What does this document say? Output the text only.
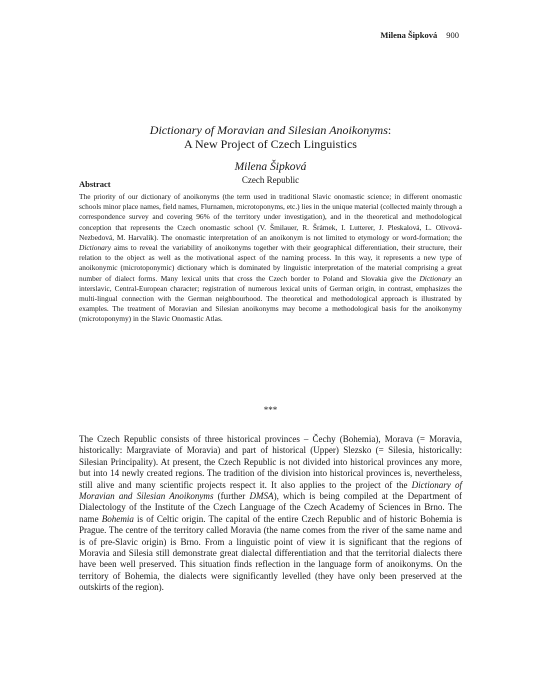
Milena Šipková 900
Dictionary of Moravian and Silesian Anoikonyms:
A New Project of Czech Linguistics
Milena Šipková
Czech Republic
Abstract

The priority of our dictionary of anoikonyms (the term used in traditional Slavic onomastic science; in different onomastic schools minor place names, field names, Flurnamen, microtoponyms, etc.) lies in the unique material (collected mainly through a correspondence survey and covering 96% of the territory under investigation), and in the theoretical and methodological conception that represents the Czech onomastic school (V. Šmilauer, R. Šrámek, I. Lutterer, J. Pleskalová, L. Olivová-Nezbedová, M. Harvalík). The onomastic interpretation of an anoikonym is not limited to etymology or word-formation; the Dictionary aims to reveal the variability of anoikonyms together with their geographical differentiation, their structure, their relation to the object as well as the motivational aspect of the naming process. In this way, it represents a new type of anoikonymic (microtoponymic) dictionary which is dominated by linguistic interpretation of the material comprising a great number of dialect forms. Many lexical units that cross the Czech border to Poland and Slovakia give the Dictionary an interslavic, Central-European character; registration of numerous lexical units of German origin, in contrast, emphasizes the multi-lingual connection with the German neighbourhood. The theoretical and methodological approach is illustrated by examples. The treatment of Moravian and Silesian anoikonyms may become a methodological basis for the anoikonymy (microtoponymy) in the Slavic Onomastic Atlas.

***

The Czech Republic consists of three historical provinces – Čechy (Bohemia), Morava (= Moravia, historically: Margraviate of Moravia) and part of historical (Upper) Slezsko (= Silesia, historically: Silesian Principality). At present, the Czech Republic is not divided into historical provinces any more, but into 14 newly created regions. The tradition of the division into historical provinces is, nevertheless, still alive and many scientific projects respect it. It also applies to the project of the Dictionary of Moravian and Silesian Anoikonyms (further DMSA), which is being compiled at the Department of Dialectology of the Institute of the Czech Language of the Czech Academy of Sciences in Brno. The name Bohemia is of Celtic origin. The capital of the entire Czech Republic and of historic Bohemia is Prague. The centre of the territory called Moravia (the name comes from the river of the same name and is of pre-Slavic origin) is Brno. From a linguistic point of view it is significant that the regions of Moravia and Silesia still demonstrate great dialectal differentiation and that the territorial dialects there have been well preserved. This situation finds reflection in the language form of anoikonyms. On the territory of Bohemia, the dialects were significantly levelled (they have only been preserved at the outskirts of the region).
